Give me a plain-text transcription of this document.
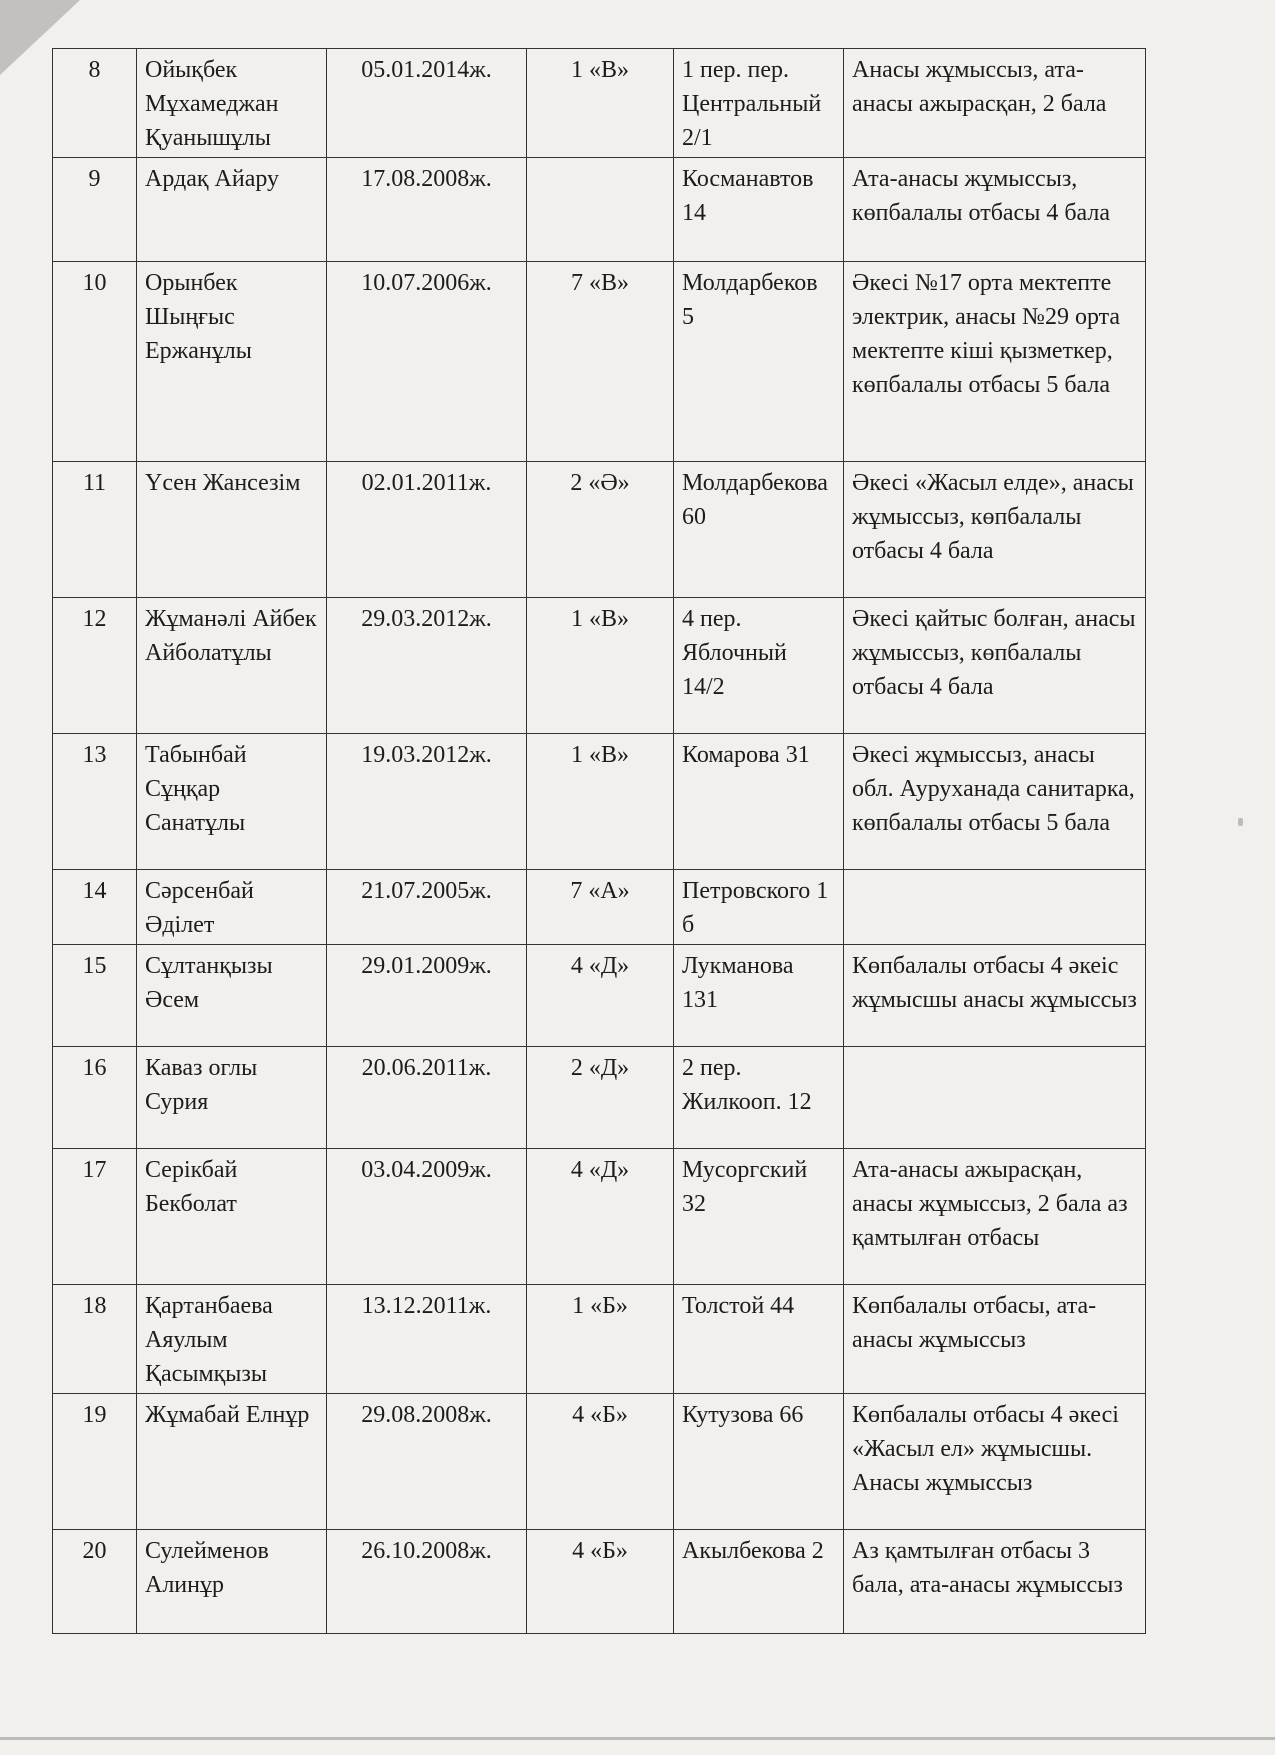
8	Ойықбек Мұхамеджан Қуанышұлы	05.01.2014ж.	1 «В»	1 пер. пер. Центральный 2/1	Анасы жұмыссыз, ата-анасы ажырасқан, 2 бала
9	Ардақ Айару	17.08.2008ж.		Косманавтов 14	Ата-анасы жұмыссыз, көпбалалы отбасы 4 бала
10	Орынбек Шыңғыс Ержанұлы	10.07.2006ж.	7 «В»	Молдарбеков 5	Әкесі №17 орта мектепте электрик, анасы №29 орта мектепте кіші қызметкер, көпбалалы отбасы 5 бала
11	Үсен Жансезім	02.01.2011ж.	2 «Ә»	Молдарбекова 60	Әкесі «Жасыл елде», анасы жұмыссыз, көпбалалы отбасы 4 бала
12	Жұманәлі Айбек Айболатұлы	29.03.2012ж.	1 «В»	4 пер. Яблочный 14/2	Әкесі қайтыс болған, анасы жұмыссыз, көпбалалы отбасы 4 бала
13	Табынбай Сұңқар Санатұлы	19.03.2012ж.	1 «В»	Комарова 31	Әкесі жұмыссыз, анасы обл. Ауруханада санитарка, көпбалалы отбасы 5 бала
14	Сәрсенбай Әділет	21.07.2005ж.	7 «А»	Петровского 1 б	
15	Сұлтанқызы Әсем	29.01.2009ж.	4 «Д»	Лукманова 131	Көпбалалы отбасы 4 әкеіс жұмысшы анасы жұмыссыз
16	Каваз оглы Сурия	20.06.2011ж.	2 «Д»	2 пер. Жилкооп. 12	
17	Серікбай Бекболат	03.04.2009ж.	4 «Д»	Мусоргский 32	Ата-анасы ажырасқан, анасы жұмыссыз, 2 бала аз қамтылған отбасы
18	Қартанбаева Аяулым Қасымқызы	13.12.2011ж.	1 «Б»	Толстой 44	Көпбалалы отбасы, ата-анасы жұмыссыз
19	Жұмабай Елнұр	29.08.2008ж.	4 «Б»	Кутузова 66	Көпбалалы отбасы 4 әкесі «Жасыл ел» жұмысшы. Анасы жұмыссыз
20	Сулейменов Алинұр	26.10.2008ж.	4 «Б»	Акылбекова 2	Аз қамтылған отбасы 3 бала, ата-анасы жұмыссыз
